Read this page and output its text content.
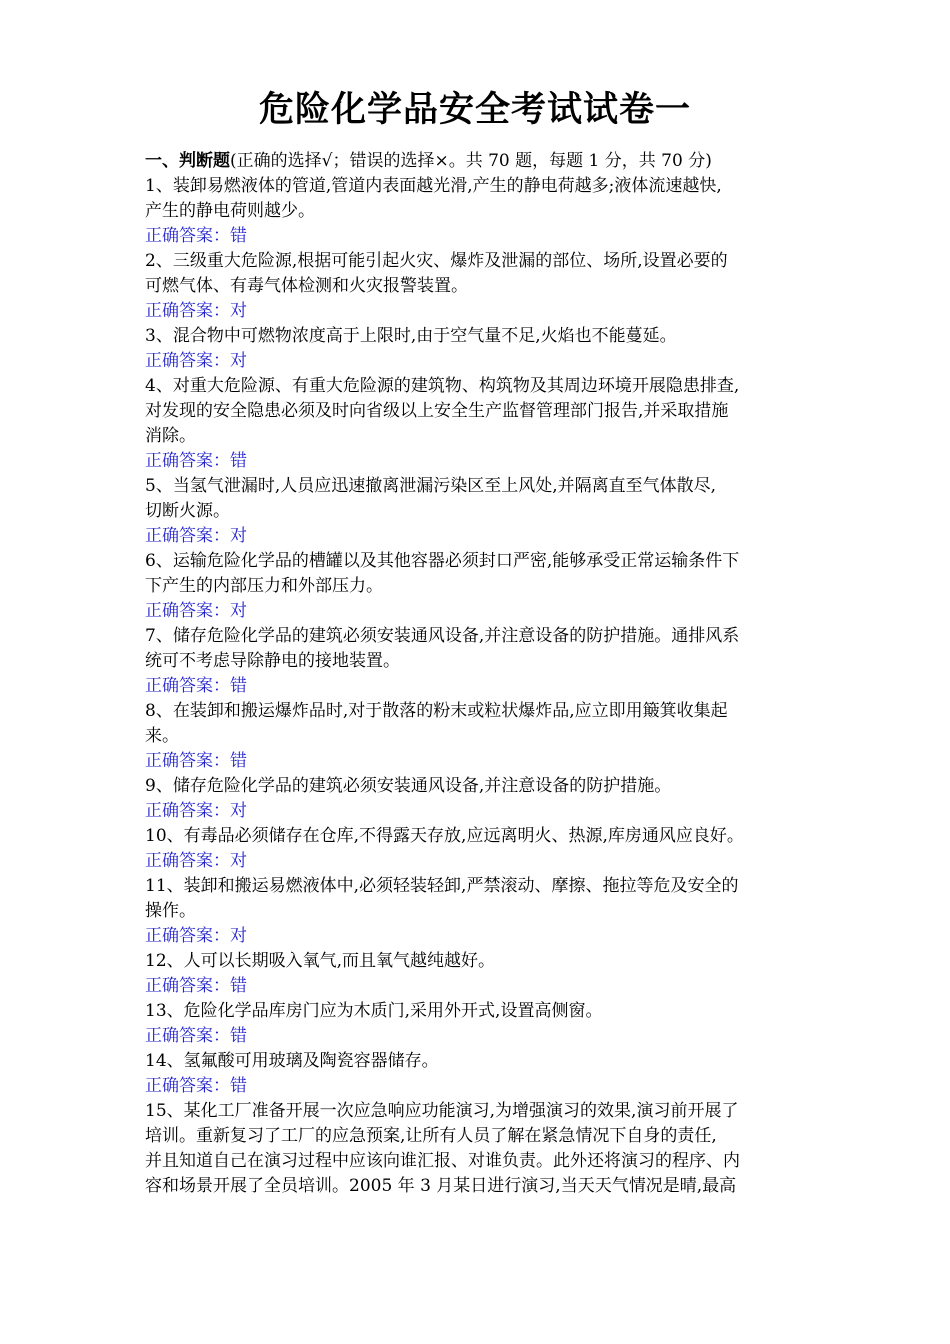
危险化学品安全考试试卷一
一、判断题(正确的选择√；错误的选择×。共 70 题，每题 1 分，共 70 分)
1、装卸易燃液体的管道,管道内表面越光滑,产生的静电荷越多;液体流速越快,
产生的静电荷则越少。
正确答案：错
2、三级重大危险源,根据可能引起火灾、爆炸及泄漏的部位、场所,设置必要的
可燃气体、有毒气体检测和火灾报警装置。
正确答案：对
3、混合物中可燃物浓度高于上限时,由于空气量不足,火焰也不能蔓延。
正确答案：对
4、对重大危险源、有重大危险源的建筑物、构筑物及其周边环境开展隐患排查,
对发现的安全隐患必须及时向省级以上安全生产监督管理部门报告,并采取措施
消除。
正确答案：错
5、当氢气泄漏时,人员应迅速撤离泄漏污染区至上风处,并隔离直至气体散尽,
切断火源。
正确答案：对
6、运输危险化学品的槽罐以及其他容器必须封口严密,能够承受正常运输条件下
下产生的内部压力和外部压力。
正确答案：对
7、储存危险化学品的建筑必须安装通风设备,并注意设备的防护措施。通排风系
统可不考虑导除静电的接地装置。
正确答案：错
8、在装卸和搬运爆炸品时,对于散落的粉末或粒状爆炸品,应立即用簸箕收集起
来。
正确答案：错
9、储存危险化学品的建筑必须安装通风设备,并注意设备的防护措施。
正确答案：对
10、有毒品必须储存在仓库,不得露天存放,应远离明火、热源,库房通风应良好。
正确答案：对
11、装卸和搬运易燃液体中,必须轻装轻卸,严禁滚动、摩擦、拖拉等危及安全的
操作。
正确答案：对
12、人可以长期吸入氧气,而且氧气越纯越好。
正确答案：错
13、危险化学品库房门应为木质门,采用外开式,设置高侧窗。
正确答案：错
14、氢氟酸可用玻璃及陶瓷容器储存。
正确答案：错
15、某化工厂准备开展一次应急响应功能演习,为增强演习的效果,演习前开展了
培训。重新复习了工厂的应急预案,让所有人员了解在紧急情况下自身的责任,
并且知道自己在演习过程中应该向谁汇报、对谁负责。此外还将演习的程序、内
容和场景开展了全员培训。2005 年 3 月某日进行演习,当天天气情况是晴,最高
